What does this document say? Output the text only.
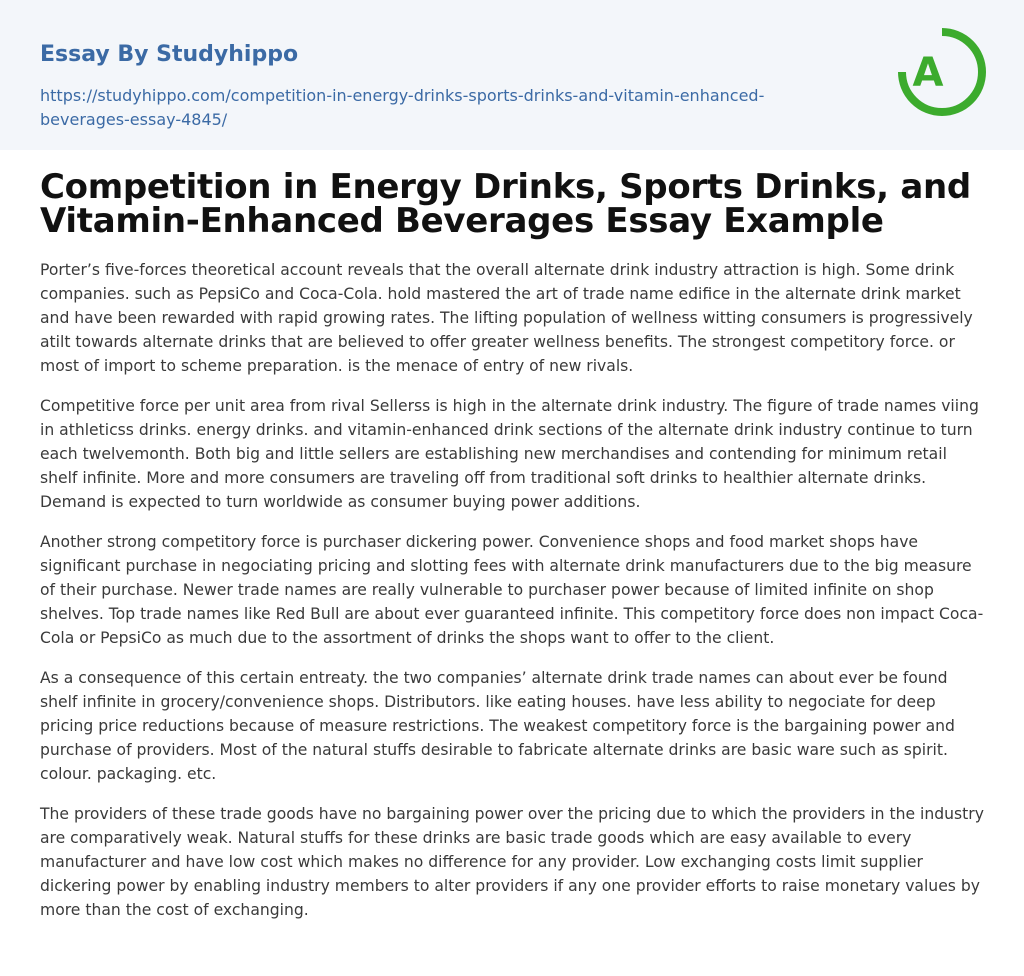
Essay By Studyhippo
https://studyhippo.com/competition-in-energy-drinks-sports-drinks-and-vitamin-enhanced-beverages-essay-4845/
A
Competition in Energy Drinks, Sports Drinks, and Vitamin-Enhanced Beverages Essay Example

Porter’s five-forces theoretical account reveals that the overall alternate drink industry attraction is high. Some drink companies. such as PepsiCo and Coca-Cola. hold mastered the art of trade name edifice in the alternate drink market and have been rewarded with rapid growing rates. The lifting population of wellness witting consumers is progressively atilt towards alternate drinks that are believed to offer greater wellness benefits. The strongest competitory force. or most of import to scheme preparation. is the menace of entry of new rivals.

Competitive force per unit area from rival Sellerss is high in the alternate drink industry. The figure of trade names viing in athleticss drinks. energy drinks. and vitamin-enhanced drink sections of the alternate drink industry continue to turn each twelvemonth. Both big and little sellers are establishing new merchandises and contending for minimum retail shelf infinite. More and more consumers are traveling off from traditional soft drinks to healthier alternate drinks. Demand is expected to turn worldwide as consumer buying power additions.

Another strong competitory force is purchaser dickering power. Convenience shops and food market shops have significant purchase in negociating pricing and slotting fees with alternate drink manufacturers due to the big measure of their purchase. Newer trade names are really vulnerable to purchaser power because of limited infinite on shop shelves. Top trade names like Red Bull are about ever guaranteed infinite. This competitory force does non impact Coca-Cola or PepsiCo as much due to the assortment of drinks the shops want to offer to the client.

As a consequence of this certain entreaty. the two companies’ alternate drink trade names can about ever be found shelf infinite in grocery/convenience shops. Distributors. like eating houses. have less ability to negociate for deep pricing price reductions because of measure restrictions. The weakest competitory force is the bargaining power and purchase of providers. Most of the natural stuffs desirable to fabricate alternate drinks are basic ware such as spirit. colour. packaging. etc.

The providers of these trade goods have no bargaining power over the pricing due to which the providers in the industry are comparatively weak. Natural stuffs for these drinks are basic trade goods which are easy available to every manufacturer and have low cost which makes no difference for any provider. Low exchanging costs limit supplier dickering power by enabling industry members to alter providers if any one provider efforts to raise monetary values by more than the cost of exchanging.
